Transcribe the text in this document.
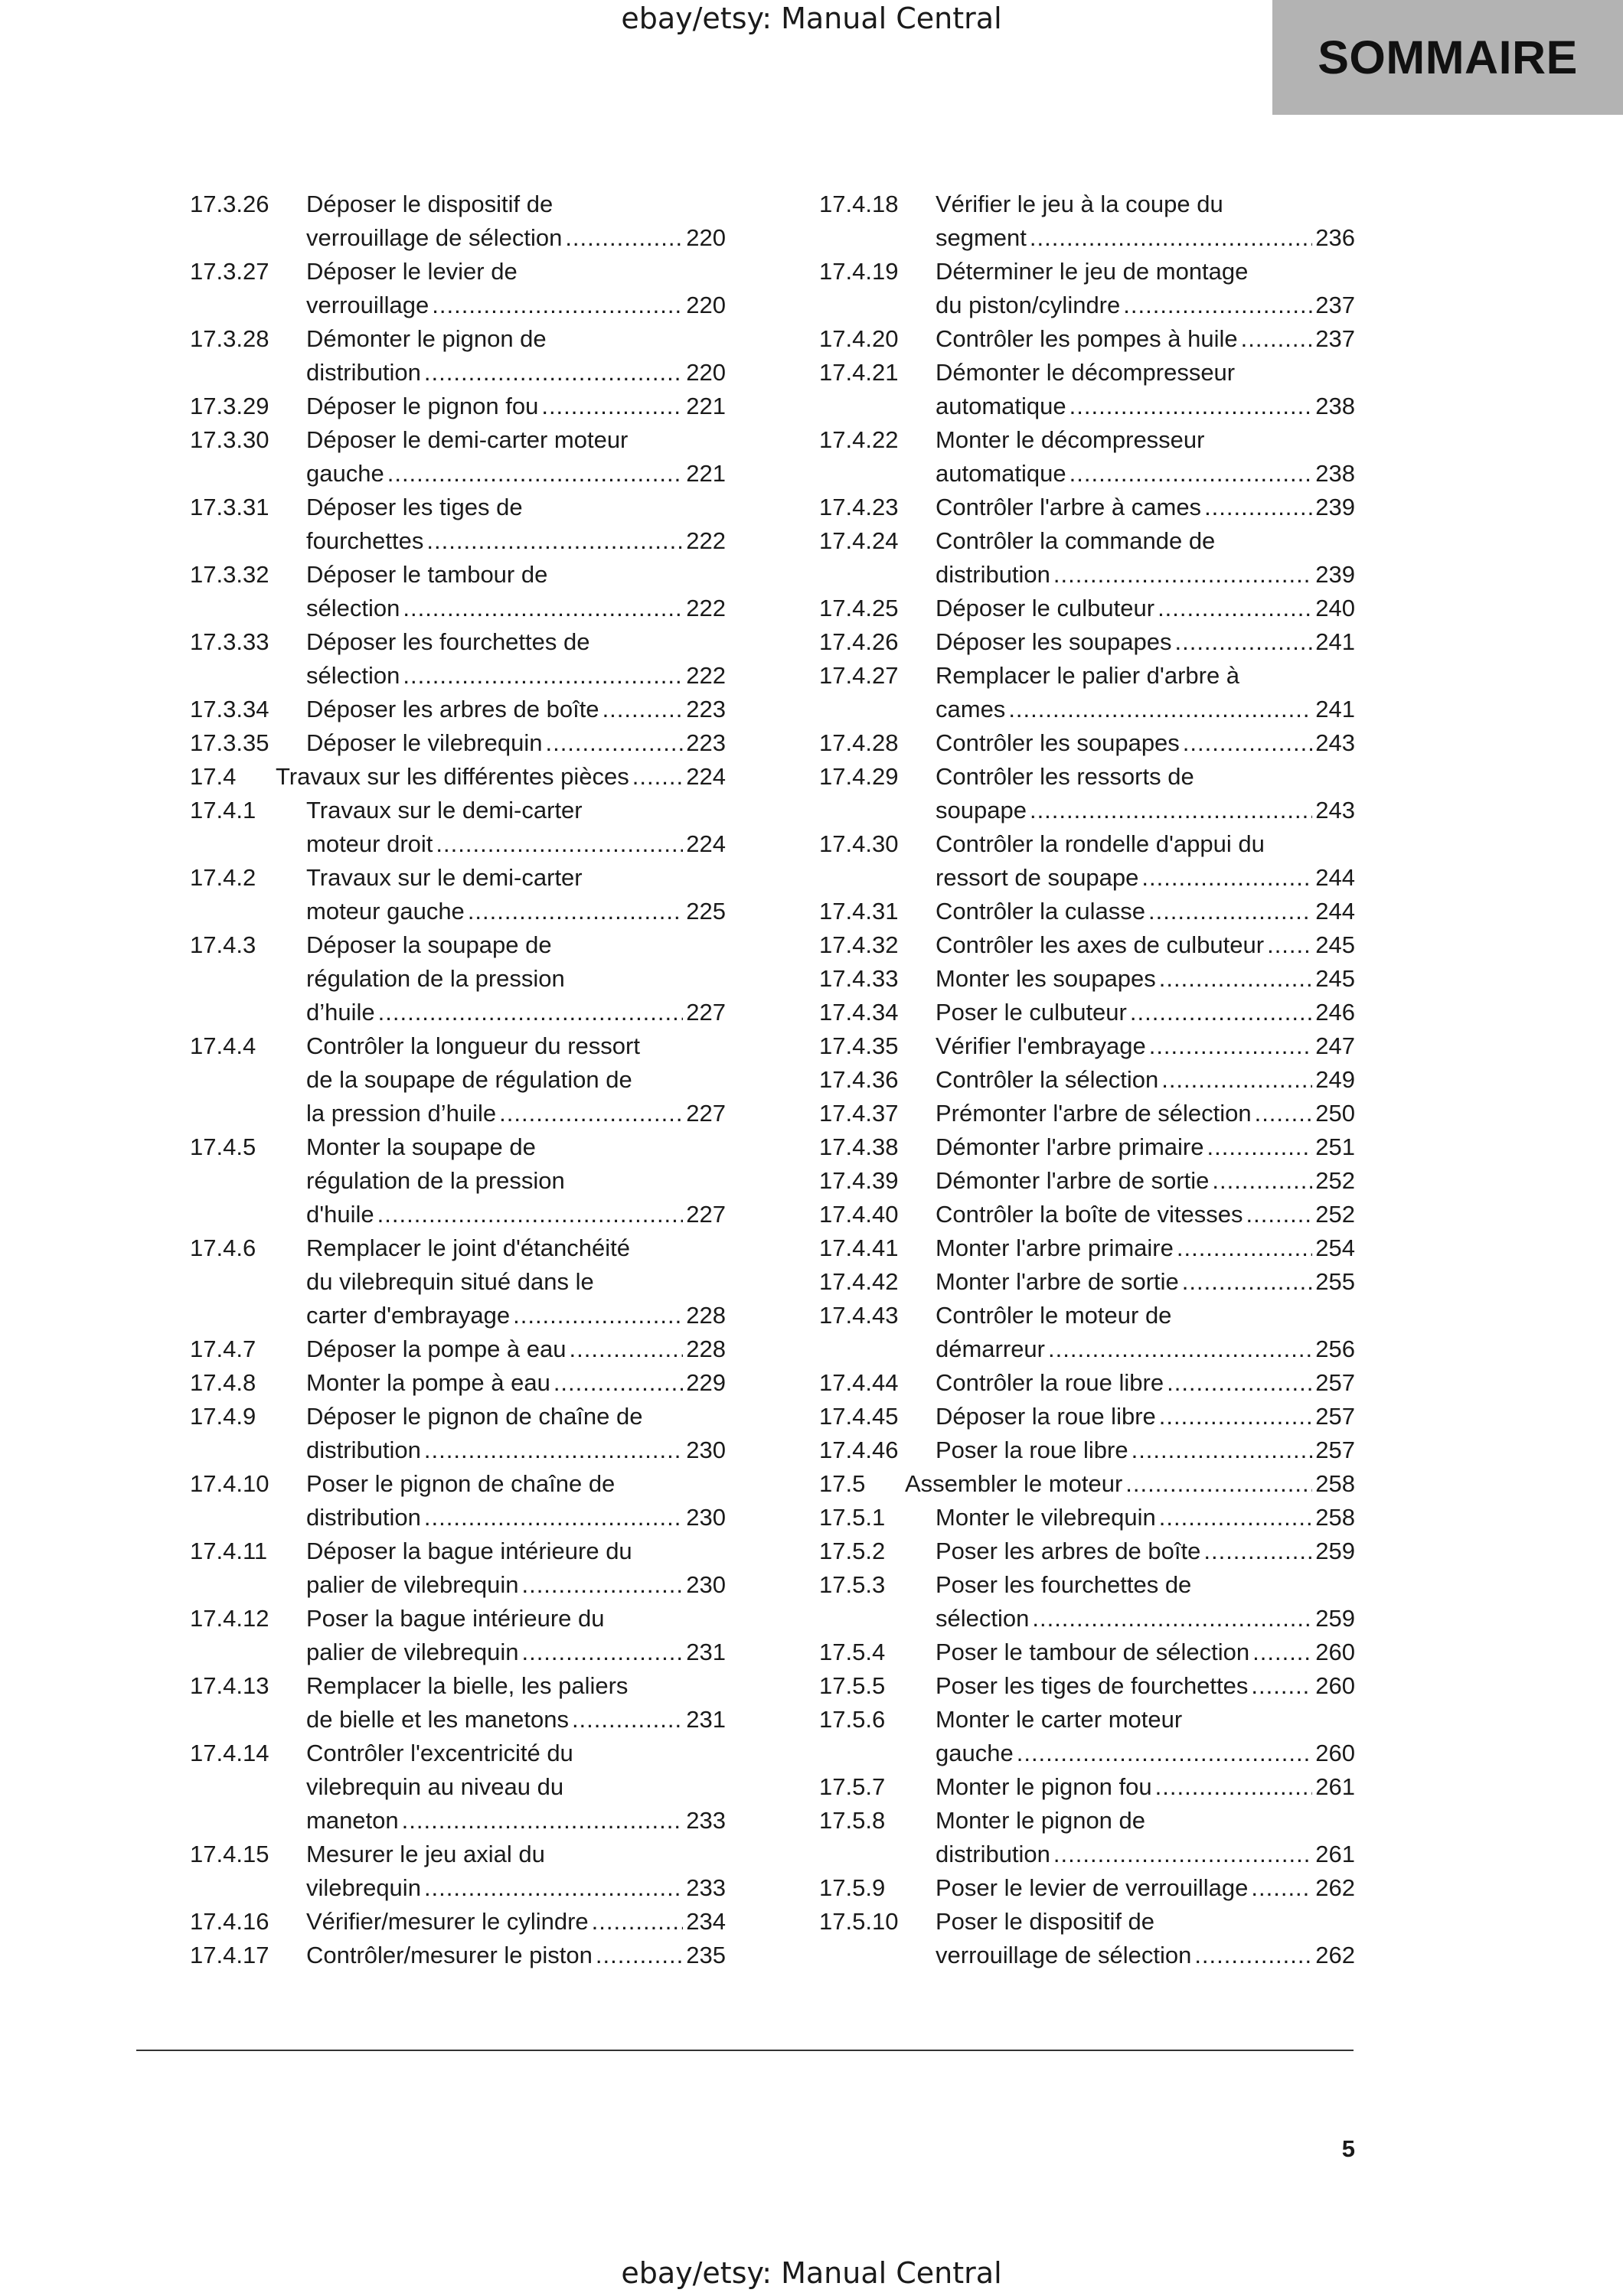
ebay/etsy: Manual Central
SOMMAIRE
17.3.26 Déposer le dispositif de
verrouillage de sélection .....	220
17.3.27 Déposer le levier de
verrouillage .....	220
17.3.28 Démonter le pignon de
distribution .....	220
17.3.29 Déposer le pignon fou .....	221
17.3.30 Déposer le demi-carter moteur
gauche .....	221
17.3.31 Déposer les tiges de
fourchettes .....	222
17.3.32 Déposer le tambour de
sélection .....	222
17.3.33 Déposer les fourchettes de
sélection .....	222
17.3.34 Déposer les arbres de boîte .....	223
17.3.35 Déposer le vilebrequin .....	223
17.4 Travaux sur les différentes pièces ..... 224
17.4.1 Travaux sur le demi-carter
moteur droit .....	224
17.4.2 Travaux sur le demi-carter
moteur gauche .....	225
17.4.3 Déposer la soupape de
régulation de la pression
d’huile .....	227
17.4.4 Contrôler la longueur du ressort
de la soupape de régulation de
la pression d’huile .....	227
17.4.5 Monter la soupape de
régulation de la pression
d'huile .....	227
17.4.6 Remplacer le joint d'étanchéité
du vilebrequin situé dans le
carter d'embrayage .....	228
17.4.7 Déposer la pompe à eau .....	228
17.4.8 Monter la pompe à eau .....	229
17.4.9 Déposer le pignon de chaîne de
distribution .....	230
17.4.10 Poser le pignon de chaîne de
distribution .....	230
17.4.11 Déposer la bague intérieure du
palier de vilebrequin .....	230
17.4.12 Poser la bague intérieure du
palier de vilebrequin .....	231
17.4.13 Remplacer la bielle, les paliers
de bielle et les manetons .....	231
17.4.14 Contrôler l'excentricité du
vilebrequin au niveau du
maneton .....	233
17.4.15 Mesurer le jeu axial du
vilebrequin .....	233
17.4.16 Vérifier/mesurer le cylindre .....	234
17.4.17 Contrôler/mesurer le piston .....	235
17.4.18 Vérifier le jeu à la coupe du
segment .....	236
17.4.19 Déterminer le jeu de montage
du piston/cylindre .....	237
17.4.20 Contrôler les pompes à huile .....	237
17.4.21 Démonter le décompresseur
automatique .....	238
17.4.22 Monter le décompresseur
automatique .....	238
17.4.23 Contrôler l'arbre à cames .....	239
17.4.24 Contrôler la commande de
distribution .....	239
17.4.25 Déposer le culbuteur .....	240
17.4.26 Déposer les soupapes .....	241
17.4.27 Remplacer le palier d'arbre à
cames .....	241
17.4.28 Contrôler les soupapes .....	243
17.4.29 Contrôler les ressorts de
soupape .....	243
17.4.30 Contrôler la rondelle d'appui du
ressort de soupape .....	244
17.4.31 Contrôler la culasse .....	244
17.4.32 Contrôler les axes de culbuteur ..... 245
17.4.33 Monter les soupapes .....	245
17.4.34 Poser le culbuteur .....	246
17.4.35 Vérifier l'embrayage .....	247
17.4.36 Contrôler la sélection .....	249
17.4.37 Prémonter l'arbre de sélection .....	250
17.4.38 Démonter l'arbre primaire .....	251
17.4.39 Démonter l'arbre de sortie .....	252
17.4.40 Contrôler la boîte de vitesses .....	252
17.4.41 Monter l'arbre primaire .....	254
17.4.42 Monter l'arbre de sortie .....	255
17.4.43 Contrôler le moteur de
démarreur .....	256
17.4.44 Contrôler la roue libre .....	257
17.4.45 Déposer la roue libre .....	257
17.4.46 Poser la roue libre .....	257
17.5 Assembler le moteur .....	258
17.5.1 Monter le vilebrequin .....	258
17.5.2 Poser les arbres de boîte .....	259
17.5.3 Poser les fourchettes de
sélection .....	259
17.5.4 Poser le tambour de sélection .....	260
17.5.5 Poser les tiges de fourchettes .....	260
17.5.6 Monter le carter moteur
gauche .....	260
17.5.7 Monter le pignon fou .....	261
17.5.8 Monter le pignon de
distribution .....	261
17.5.9 Poser le levier de verrouillage .....	262
17.5.10 Poser le dispositif de
verrouillage de sélection .....	262
5
ebay/etsy: Manual Central
